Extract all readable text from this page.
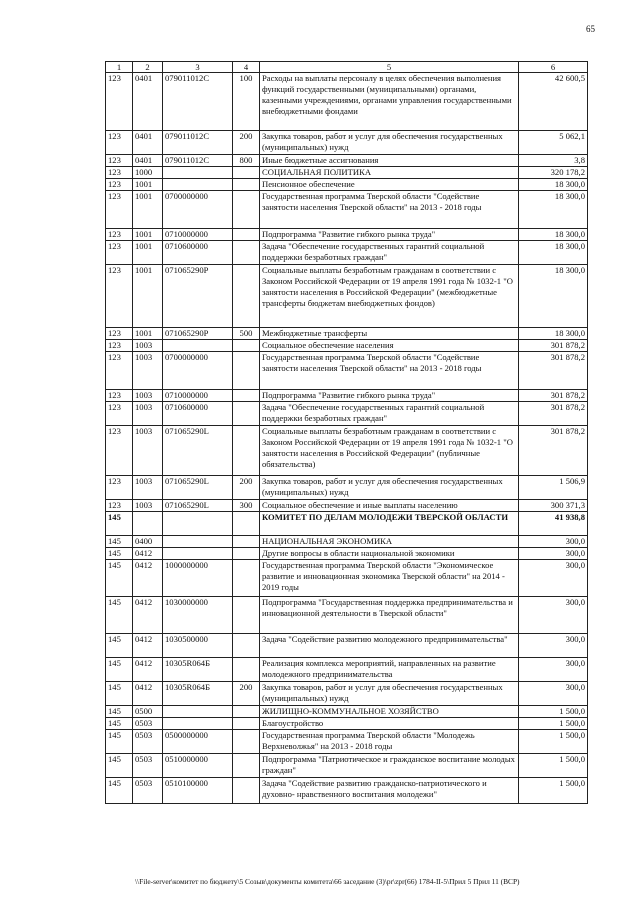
65
1	2	3	4	5	6
123	0401	079011012С	100	Расходы на выплаты персоналу в целях обеспечения выполнения функций государственными (муниципальными) органами, казенными учреждениями, органами управления государственными внебюджетными фондами	42 600,5
123	0401	079011012С	200	Закупка товаров, работ и услуг для обеспечения государственных (муниципальных) нужд	5 062,1
123	0401	079011012С	800	Иные бюджетные ассигнования	3,8
123	1000			СОЦИАЛЬНАЯ ПОЛИТИКА	320 178,2
123	1001			Пенсионное обеспечение	18 300,0
123	1001	0700000000		Государственная программа Тверской области "Содействие занятости населения Тверской области" на 2013 - 2018 годы	18 300,0
123	1001	0710000000		Подпрограмма "Развитие гибкого рынка труда"	18 300,0
123	1001	0710600000		Задача "Обеспечение государственных гарантий социальной поддержки безработных граждан"	18 300,0
123	1001	071065290Р		Социальные выплаты безработным гражданам в соответствии с Законом Российской Федерации от 19 апреля 1991 года № 1032-1 "О занятости населения в Российской Федерации" (межбюджетные трансферты бюджетам внебюджетных фондов)	18 300,0
123	1001	071065290Р	500	Межбюджетные трансферты	18 300,0
123	1003			Социальное обеспечение населения	301 878,2
123	1003	0700000000		Государственная программа Тверской области "Содействие занятости населения Тверской области" на 2013 - 2018 годы	301 878,2
123	1003	0710000000		Подпрограмма "Развитие гибкого рынка труда"	301 878,2
123	1003	0710600000		Задача "Обеспечение государственных гарантий социальной поддержки безработных граждан"	301 878,2
123	1003	071065290L		Социальные выплаты безработным гражданам в соответствии с Законом Российской Федерации от 19 апреля 1991 года № 1032-1 "О занятости населения в Российской Федерации" (публичные обязательства)	301 878,2
123	1003	071065290L	200	Закупка товаров, работ и услуг для обеспечения государственных (муниципальных) нужд	1 506,9
123	1003	071065290L	300	Социальное обеспечение и иные выплаты населению	300 371,3
145				КОМИТЕТ ПО ДЕЛАМ МОЛОДЕЖИ ТВЕРСКОЙ ОБЛАСТИ	41 938,8
145	0400			НАЦИОНАЛЬНАЯ ЭКОНОМИКА	300,0
145	0412			Другие вопросы в области национальной экономики	300,0
145	0412	1000000000		Государственная программа Тверской области "Экономическое развитие и инновационная экономика Тверской области" на 2014 - 2019 годы	300,0
145	0412	1030000000		Подпрограмма "Государственная поддержка предпринимательства и инновационной деятельности в Тверской области"	300,0
145	0412	1030500000		Задача "Содействие развитию молодежного предпринимательства"	300,0
145	0412	10305R064Б		Реализация комплекса мероприятий, направленных на развитие молодежного предпринимательства	300,0
145	0412	10305R064Б	200	Закупка товаров, работ и услуг для обеспечения государственных (муниципальных) нужд	300,0
145	0500			ЖИЛИЩНО-КОММУНАЛЬНОЕ ХОЗЯЙСТВО	1 500,0
145	0503			Благоустройство	1 500,0
145	0503	0500000000		Государственная программа Тверской области "Молодежь Верхневолжья" на 2013 - 2018 годы	1 500,0
145	0503	0510000000		Подпрограмма "Патриотическое и гражданское воспитание молодых граждан"	1 500,0
145	0503	0510100000		Задача "Содействие развитию гражданско-патриотического и духовно- нравственного воспитания молодежи"	1 500,0
\\File-server\комитет по бюджету\5 Созыв\документы комитета\66 заседание (3)\pr\zpr(66) 1784-II-5\Прил 5 Прил 11 (ВСР)
